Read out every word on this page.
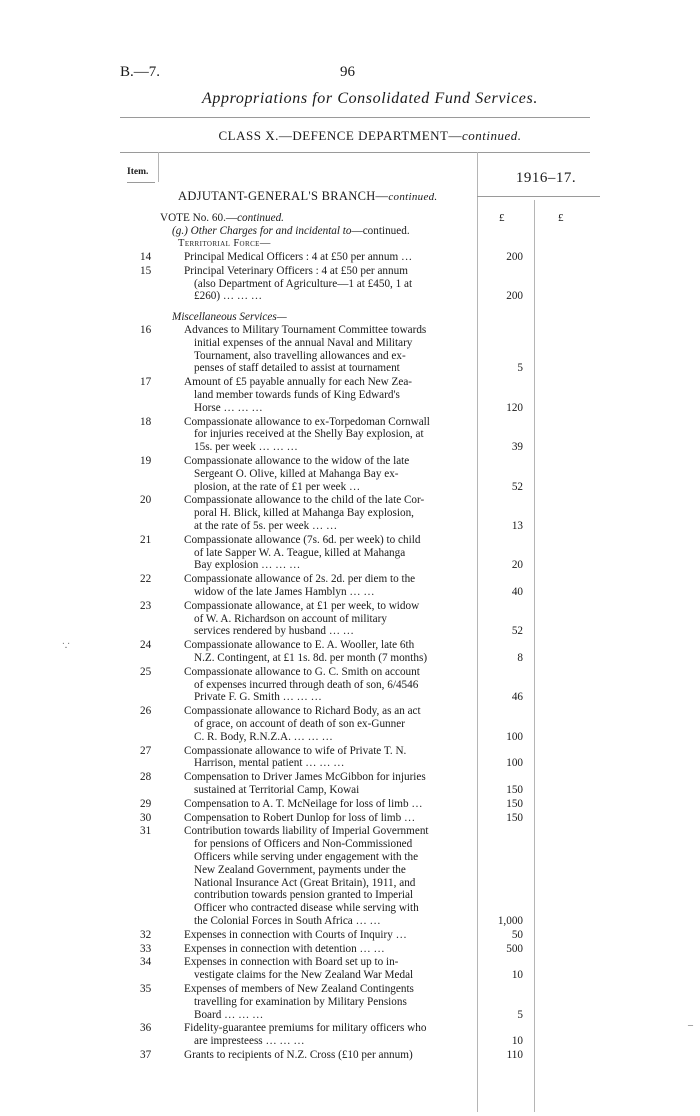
B.—7.	96
Appropriations for Consolidated Fund Services.
CLASS X.—DEFENCE DEPARTMENT—continued.
Item.	1916–17.
ADJUTANT-GENERAL'S BRANCH—continued.
£	£
VOTE No. 60.—continued.
(g.) Other Charges for and incidental to—continued.
Territorial Force—
14	Principal Medical Officers : 4 at £50 per annum …	200
15	Principal Veterinary Officers : 4 at £50 per annum
(also Department of Agriculture—1 at £450, 1 at
£260) … … …	200
Miscellaneous Services—
16	Advances to Military Tournament Committee towards
initial expenses of the annual Naval and Military
Tournament, also travelling allowances and ex-
penses of staff detailed to assist at tournament	5
17	Amount of £5 payable annually for each New Zea-
land member towards funds of King Edward's
Horse … … …	120
18	Compassionate allowance to ex-Torpedoman Cornwall
for injuries received at the Shelly Bay explosion, at
15s. per week … … …	39
19	Compassionate allowance to the widow of the late
Sergeant O. Olive, killed at Mahanga Bay ex-
plosion, at the rate of £1 per week …	52
20	Compassionate allowance to the child of the late Cor-
poral H. Blick, killed at Mahanga Bay explosion,
at the rate of 5s. per week … …	13
21	Compassionate allowance (7s. 6d. per week) to child
of late Sapper W. A. Teague, killed at Mahanga
Bay explosion … … …	20
22	Compassionate allowance of 2s. 2d. per diem to the
widow of the late James Hamblyn … …	40
23	Compassionate allowance, at £1 per week, to widow
of W. A. Richardson on account of military
services rendered by husband … …	52
24	Compassionate allowance to E. A. Wooller, late 6th
N.Z. Contingent, at £1 1s. 8d. per month (7 months)	8
25	Compassionate allowance to G. C. Smith on account
of expenses incurred through death of son, 6/4546
Private F. G. Smith … … …	46
26	Compassionate allowance to Richard Body, as an act
of grace, on account of death of son ex-Gunner
C. R. Body, R.N.Z.A. … … …	100
27	Compassionate allowance to wife of Private T. N.
Harrison, mental patient … … …	100
28	Compensation to Driver James McGibbon for injuries
sustained at Territorial Camp, Kowai	150
29	Compensation to A. T. McNeilage for loss of limb …	150
30	Compensation to Robert Dunlop for loss of limb …	150
31	Contribution towards liability of Imperial Government
for pensions of Officers and Non-Commissioned
Officers while serving under engagement with the
New Zealand Government, payments under the
National Insurance Act (Great Britain), 1911, and
contribution towards pension granted to Imperial
Officer who contracted disease while serving with
the Colonial Forces in South Africa … …	1,000
32	Expenses in connection with Courts of Inquiry …	50
33	Expenses in connection with detention … …	500
34	Expenses in connection with Board set up to in-
vestigate claims for the New Zealand War Medal	10
35	Expenses of members of New Zealand Contingents
travelling for examination by Military Pensions
Board … … …	5
36	Fidelity-guarantee premiums for military officers who
are impresteess … … …	10
37	Grants to recipients of N.Z. Cross (£10 per annum)	110
ˑ.ˑ
–
